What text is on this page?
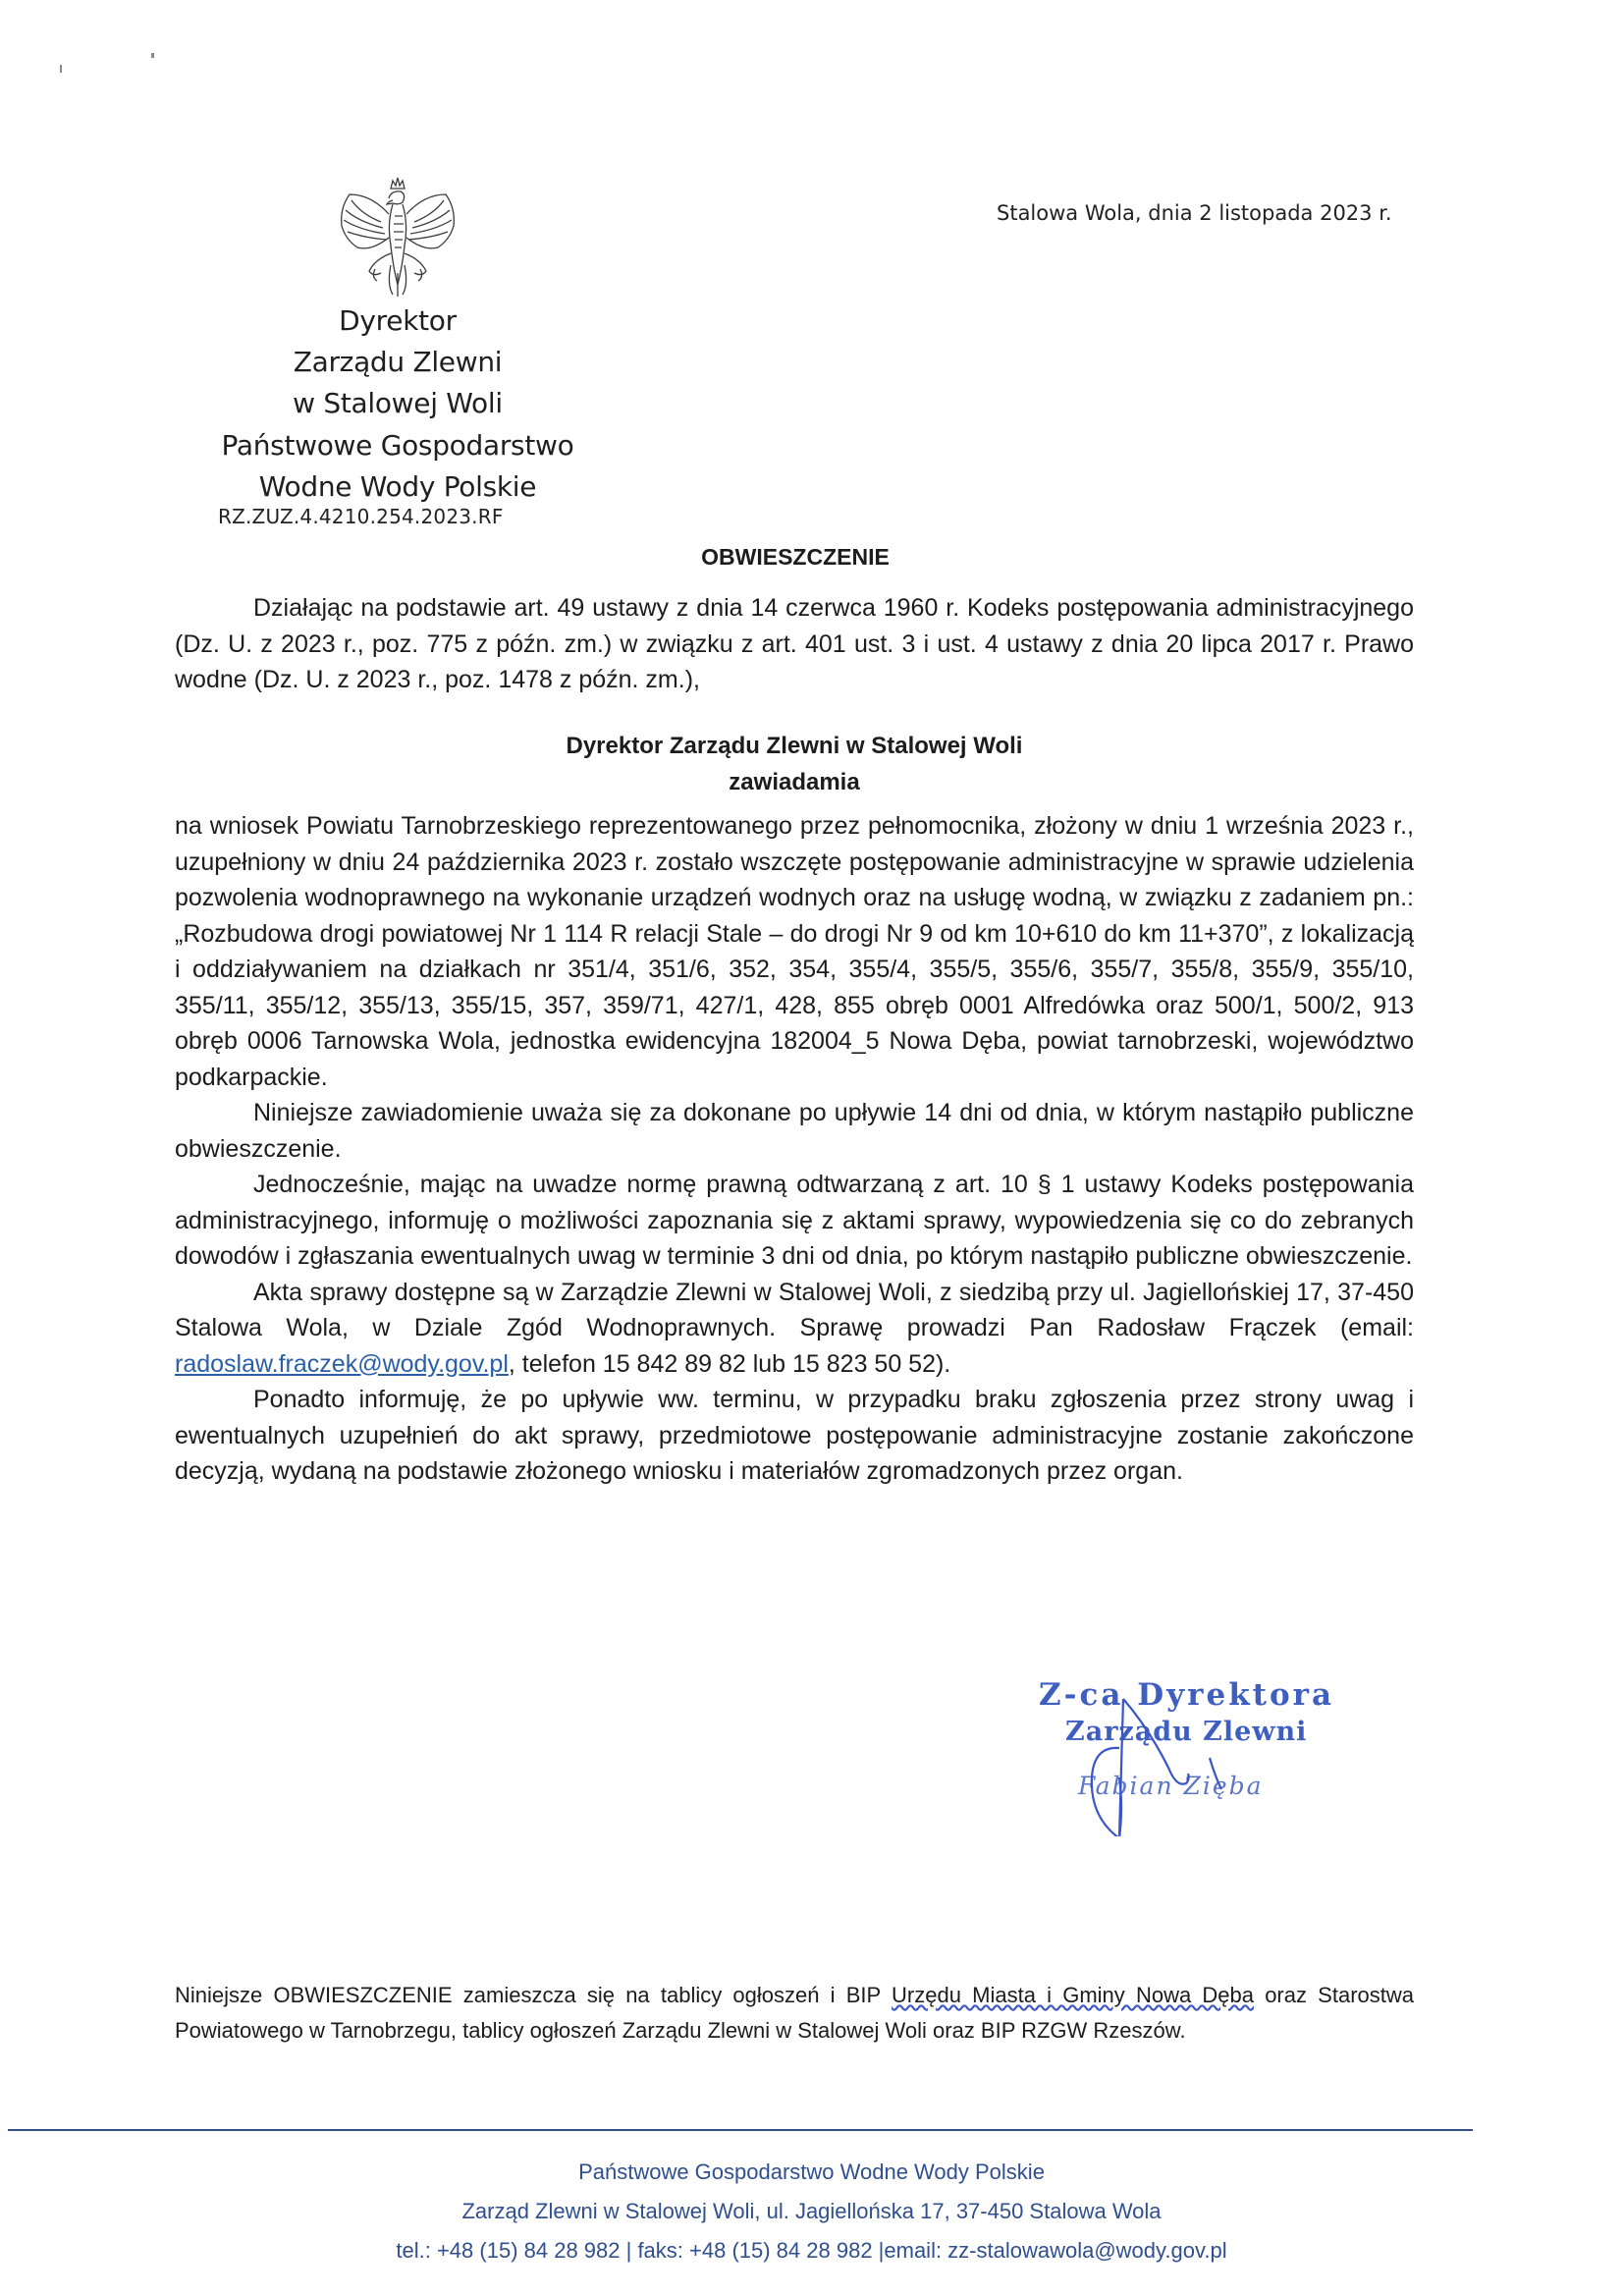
Dyrektor
Zarządu Zlewni
w Stalowej Woli
Państwowe Gospodarstwo
Wodne Wody Polskie
RZ.ZUZ.4.4210.254.2023.RF
Stalowa Wola, dnia 2 listopada 2023 r.
OBWIESZCZENIE

Działając na podstawie art. 49 ustawy z dnia 14 czerwca 1960 r. Kodeks postępowania administracyjnego (Dz. U. z 2023 r., poz. 775 z późn. zm.) w związku z art. 401 ust. 3 i ust. 4 ustawy z dnia 20 lipca 2017 r. Prawo wodne (Dz. U. z 2023 r., poz. 1478 z późn. zm.),

Dyrektor Zarządu Zlewni w Stalowej Woli
zawiadamia

na wniosek Powiatu Tarnobrzeskiego reprezentowanego przez pełnomocnika, złożony w dniu 1 września 2023 r., uzupełniony w dniu 24 października 2023 r. zostało wszczęte postępowanie administracyjne w sprawie udzielenia pozwolenia wodnoprawnego na wykonanie urządzeń wodnych oraz na usługę wodną, w związku z zadaniem pn.: „Rozbudowa drogi powiatowej Nr 1 114 R relacji Stale – do drogi Nr 9 od km 10+610 do km 11+370”, z lokalizacją i oddziaływaniem na działkach nr 351/4, 351/6, 352, 354, 355/4, 355/5, 355/6, 355/7, 355/8, 355/9, 355/10, 355/11, 355/12, 355/13, 355/15, 357, 359/71, 427/1, 428, 855 obręb 0001 Alfredówka oraz 500/1, 500/2, 913 obręb 0006 Tarnowska Wola, jednostka ewidencyjna 182004_5 Nowa Dęba, powiat tarnobrzeski, województwo podkarpackie.

Niniejsze zawiadomienie uważa się za dokonane po upływie 14 dni od dnia, w którym nastąpiło publiczne obwieszczenie.

Jednocześnie, mając na uwadze normę prawną odtwarzaną z art. 10 § 1 ustawy Kodeks postępowania administracyjnego, informuję o możliwości zapoznania się z aktami sprawy, wypowiedzenia się co do zebranych dowodów i zgłaszania ewentualnych uwag w terminie 3 dni od dnia, po którym nastąpiło publiczne obwieszczenie.

Akta sprawy dostępne są w Zarządzie Zlewni w Stalowej Woli, z siedzibą przy ul. Jagiellońskiej 17, 37-450 Stalowa Wola, w Dziale Zgód Wodnoprawnych. Sprawę prowadzi Pan Radosław Frączek (email: radoslaw.fraczek@wody.gov.pl, telefon 15 842 89 82 lub 15 823 50 52).

Ponadto informuję, że po upływie ww. terminu, w przypadku braku zgłoszenia przez strony uwag i ewentualnych uzupełnień do akt sprawy, przedmiotowe postępowanie administracyjne zostanie zakończone decyzją, wydaną na podstawie złożonego wniosku i materiałów zgromadzonych przez organ.

Z-ca Dyrektora
Zarządu Zlewni
Fabian Zięba
Niniejsze OBWIESZCZENIE zamieszcza się na tablicy ogłoszeń i BIP Urzędu Miasta i Gminy Nowa Dęba oraz Starostwa Powiatowego w Tarnobrzegu, tablicy ogłoszeń Zarządu Zlewni w Stalowej Woli oraz BIP RZGW Rzeszów.
Państwowe Gospodarstwo Wodne Wody Polskie
Zarząd Zlewni w Stalowej Woli, ul. Jagiellońska 17, 37-450 Stalowa Wola
tel.: +48 (15) 84 28 982 | faks: +48 (15) 84 28 982 |email: zz-stalowawola@wody.gov.pl
